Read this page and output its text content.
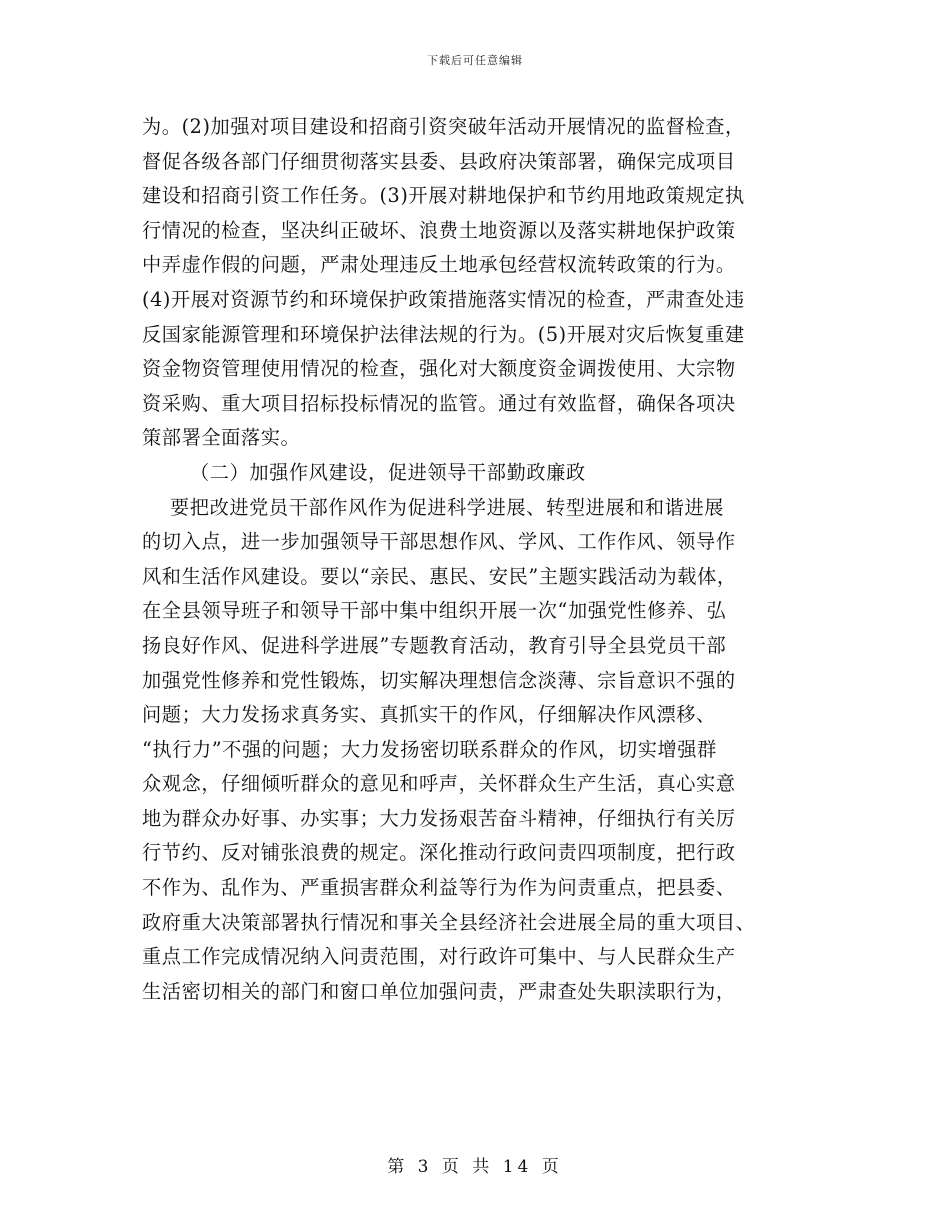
下载后可任意编辑
为。(2)加强对项目建设和招商引资突破年活动开展情况的监督检查，
督促各级各部门仔细贯彻落实县委、县政府决策部署，确保完成项目
建设和招商引资工作任务。(3)开展对耕地保护和节约用地政策规定执
行情况的检查，坚决纠正破坏、浪费土地资源以及落实耕地保护政策
中弄虚作假的问题，严肃处理违反土地承包经营权流转政策的行为。
(4)开展对资源节约和环境保护政策措施落实情况的检查，严肃查处违
反国家能源管理和环境保护法律法规的行为。(5)开展对灾后恢复重建
资金物资管理使用情况的检查，强化对大额度资金调拨使用、大宗物
资采购、重大项目招标投标情况的监管。通过有效监督，确保各项决
策部署全面落实。
（二）加强作风建设，促进领导干部勤政廉政
要把改进党员干部作风作为促进科学进展、转型进展和和谐进展
的切入点，进一步加强领导干部思想作风、学风、工作作风、领导作
风和生活作风建设。要以“亲民、惠民、安民”主题实践活动为载体，
在全县领导班子和领导干部中集中组织开展一次“加强党性修养、弘
扬良好作风、促进科学进展”专题教育活动，教育引导全县党员干部
加强党性修养和党性锻炼，切实解决理想信念淡薄、宗旨意识不强的
问题；大力发扬求真务实、真抓实干的作风，仔细解决作风漂移、
“执行力”不强的问题；大力发扬密切联系群众的作风，切实增强群
众观念，仔细倾听群众的意见和呼声，关怀群众生产生活，真心实意
地为群众办好事、办实事；大力发扬艰苦奋斗精神，仔细执行有关厉
行节约、反对铺张浪费的规定。深化推动行政问责四项制度，把行政
不作为、乱作为、严重损害群众利益等行为作为问责重点，把县委、
政府重大决策部署执行情况和事关全县经济社会进展全局的重大项目、
重点工作完成情况纳入问责范围，对行政许可集中、与人民群众生产
生活密切相关的部门和窗口单位加强问责，严肃查处失职渎职行为，
第 3 页 共 14 页
